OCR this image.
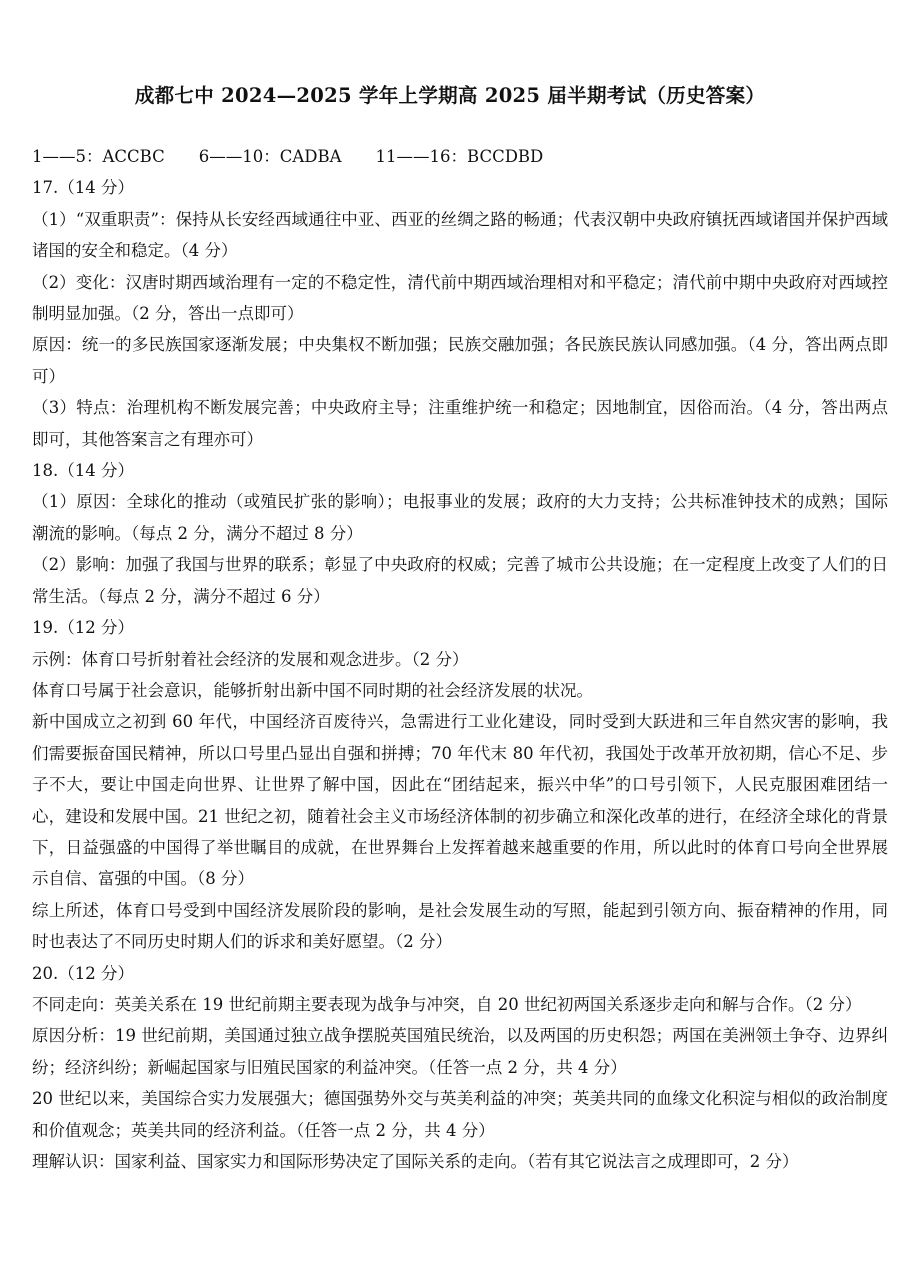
成都七中 2024—2025 学年上学期高 2025 届半期考试（历史答案）

1——5：ACCBC 6——10：CADBA 11——16：BCCDBD

17.（14 分）

（1）“双重职责”：保持从长安经西域通往中亚、西亚的丝绸之路的畅通；代表汉朝中央政府镇抚西域诸国并保护西域诸国的安全和稳定。（4 分）

（2）变化：汉唐时期西域治理有一定的不稳定性，清代前中期西域治理相对和平稳定；清代前中期中央政府对西域控制明显加强。（2 分，答出一点即可）

原因：统一的多民族国家逐渐发展；中央集权不断加强；民族交融加强；各民族民族认同感加强。（4 分，答出两点即可）

（3）特点：治理机构不断发展完善；中央政府主导；注重维护统一和稳定；因地制宜，因俗而治。（4 分，答出两点即可，其他答案言之有理亦可）

18.（14 分）

（1）原因：全球化的推动（或殖民扩张的影响）；电报事业的发展；政府的大力支持；公共标准钟技术的成熟；国际潮流的影响。（每点 2 分，满分不超过 8 分）

（2）影响：加强了我国与世界的联系；彰显了中央政府的权威；完善了城市公共设施；在一定程度上改变了人们的日常生活。（每点 2 分，满分不超过 6 分）

19.（12 分）

示例：体育口号折射着社会经济的发展和观念进步。（2 分）

体育口号属于社会意识，能够折射出新中国不同时期的社会经济发展的状况。

新中国成立之初到 60 年代，中国经济百废待兴，急需进行工业化建设，同时受到大跃进和三年自然灾害的影响，我们需要振奋国民精神，所以口号里凸显出自强和拼搏；70 年代末 80 年代初，我国处于改革开放初期，信心不足、步子不大，要让中国走向世界、让世界了解中国，因此在“团结起来，振兴中华”的口号引领下，人民克服困难团结一心，建设和发展中国。21 世纪之初，随着社会主义市场经济体制的初步确立和深化改革的进行，在经济全球化的背景下，日益强盛的中国得了举世瞩目的成就，在世界舞台上发挥着越来越重要的作用，所以此时的体育口号向全世界展示自信、富强的中国。（8 分）

综上所述，体育口号受到中国经济发展阶段的影响，是社会发展生动的写照，能起到引领方向、振奋精神的作用，同时也表达了不同历史时期人们的诉求和美好愿望。（2 分）

20.（12 分）

不同走向：英美关系在 19 世纪前期主要表现为战争与冲突，自 20 世纪初两国关系逐步走向和解与合作。（2 分）

原因分析：19 世纪前期，美国通过独立战争摆脱英国殖民统治，以及两国的历史积怨；两国在美洲领土争夺、边界纠纷；经济纠纷；新崛起国家与旧殖民国家的利益冲突。（任答一点 2 分，共 4 分）

20 世纪以来，美国综合实力发展强大；德国强势外交与英美利益的冲突；英美共同的血缘文化积淀与相似的政治制度和价值观念；英美共同的经济利益。（任答一点 2 分，共 4 分）

理解认识：国家利益、国家实力和国际形势决定了国际关系的走向。（若有其它说法言之成理即可，2 分）
